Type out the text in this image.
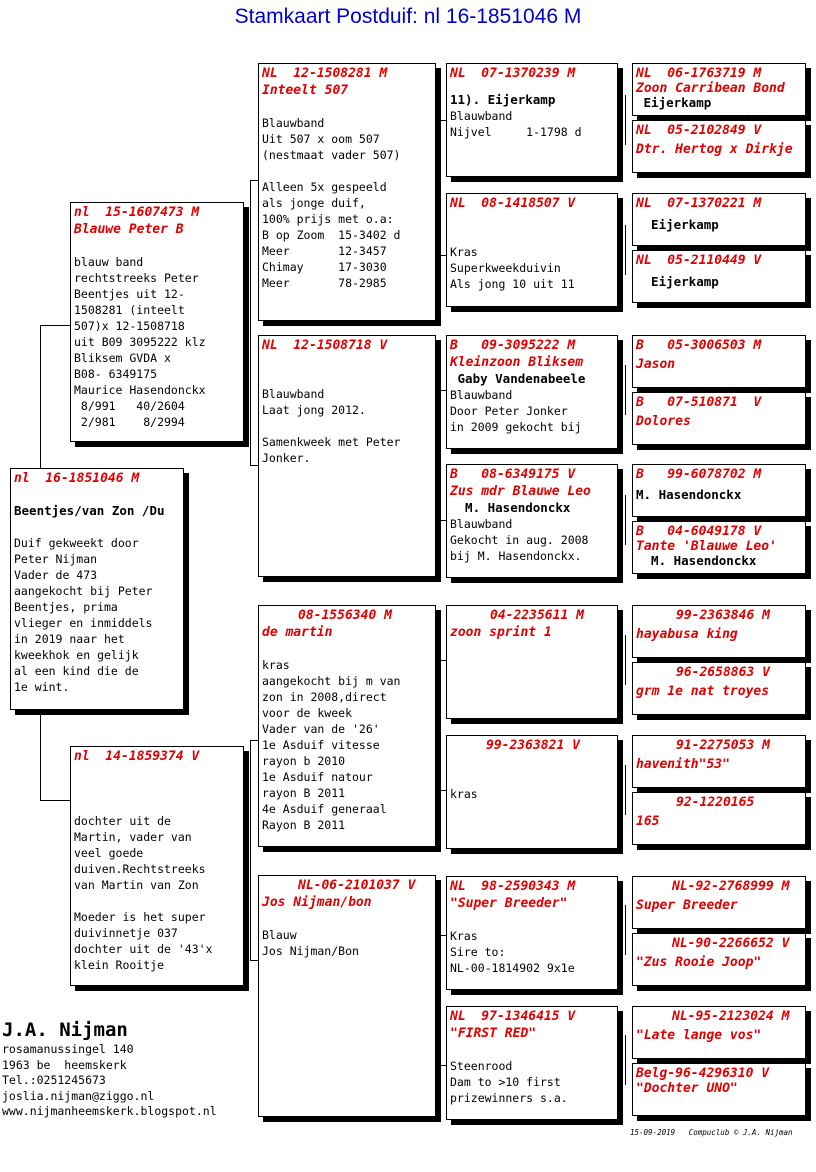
Stamkaart Postduif: nl 16-1851046 M
nl  16-1851046 M

Beentjes/van Zon /Du

Duif gekweekt door
Peter Nijman
Vader de 473
aangekocht bij Peter
Beentjes, prima
vlieger en inmiddels
in 2019 naar het
kweekhok en gelijk
al een kind die de
1e wint.
nl  15-1607473 M
Blauwe Peter B

blauw band
rechtstreeks Peter
Beentjes uit 12-
1508281 (inteelt
507)x 12-1508718
uit B09 3095222 klz
Bliksem GVDA x
B08- 6349175
Maurice Hasendonckx
8/991   40/2604
2/981    8/2994
nl  14-1859374 V

dochter uit de
Martin, vader van
veel goede
duiven.Rechtstreeks
van Martin van Zon

Moeder is het super
duivinnetje 037
dochter uit de '43'x
klein Rooitje
NL  12-1508281 M
Inteelt 507

Blauwband
Uit 507 x oom 507
(nestmaat vader 507)

Alleen 5x gespeeld
als jonge duif,
100% prijs met o.a:
B op Zoom  15-3402 d
Meer       12-3457
Chimay     17-3030
Meer       78-2985
NL  12-1508718 V

Blauwband
Laat jong 2012.

Samenkweek met Peter
Jonker.
08-1556340 M
de martin

kras
aangekocht bij m van
zon in 2008,direct
voor de kweek
Vader van de '26'
1e Asduif vitesse
rayon b 2010
1e Asduif natour
rayon B 2011
4e Asduif generaal
Rayon B 2011
NL-06-2101037 V
Jos Nijman/bon

Blauw
Jos Nijman/Bon
NL  07-1370239 M

11). Eijerkamp
Blauwband
Nijvel     1-1798 d
NL  08-1418507 V

Kras
Superkweekduivin
Als jong 10 uit 11
B   09-3095222 M
Kleinzoon Bliksem
Gaby Vandenabeele
Blauwband
Door Peter Jonker
in 2009 gekocht bij
B   08-6349175 V
Zus mdr Blauwe Leo
M. Hasendonckx
Blauwband
Gekocht in aug. 2008
bij M. Hasendonckx.
04-2235611 M
zoon sprint 1
99-2363821 V

kras
NL  98-2590343 M
"Super Breeder"

Kras
Sire to:
NL-00-1814902 9x1e
NL  97-1346415 V
"FIRST RED"

Steenrood
Dam to >10 first
prizewinners s.a.
NL  06-1763719 M
Zoon Carribean Bond
Eijerkamp
NL  05-2102849 V
Dtr. Hertog x Dirkje
NL  07-1370221 M
Eijerkamp
NL  05-2110449 V
Eijerkamp
B   05-3006503 M
Jason
B   07-510871  V
Dolores
B   99-6078702 M
M. Hasendonckx
B   04-6049178 V
Tante 'Blauwe Leo'
M. Hasendonckx
99-2363846 M
hayabusa king
96-2658863 V
grm 1e nat troyes
91-2275053 M
havenith"53"
92-1220165
165
NL-92-2768999 M
Super Breeder
NL-90-2266652 V
"Zus Rooie Joop"
NL-95-2123024 M
"Late lange vos"
Belg-96-4296310 V
"Dochter UNO"
J.A. Nijman
rosamanussingel 140
1963 be  heemskerk
Tel.:0251245673
joslia.nijman@ziggo.nl
www.nijmanheemskerk.blogspot.nl
15-09-2019   Compuclub © J.A. Nijman
